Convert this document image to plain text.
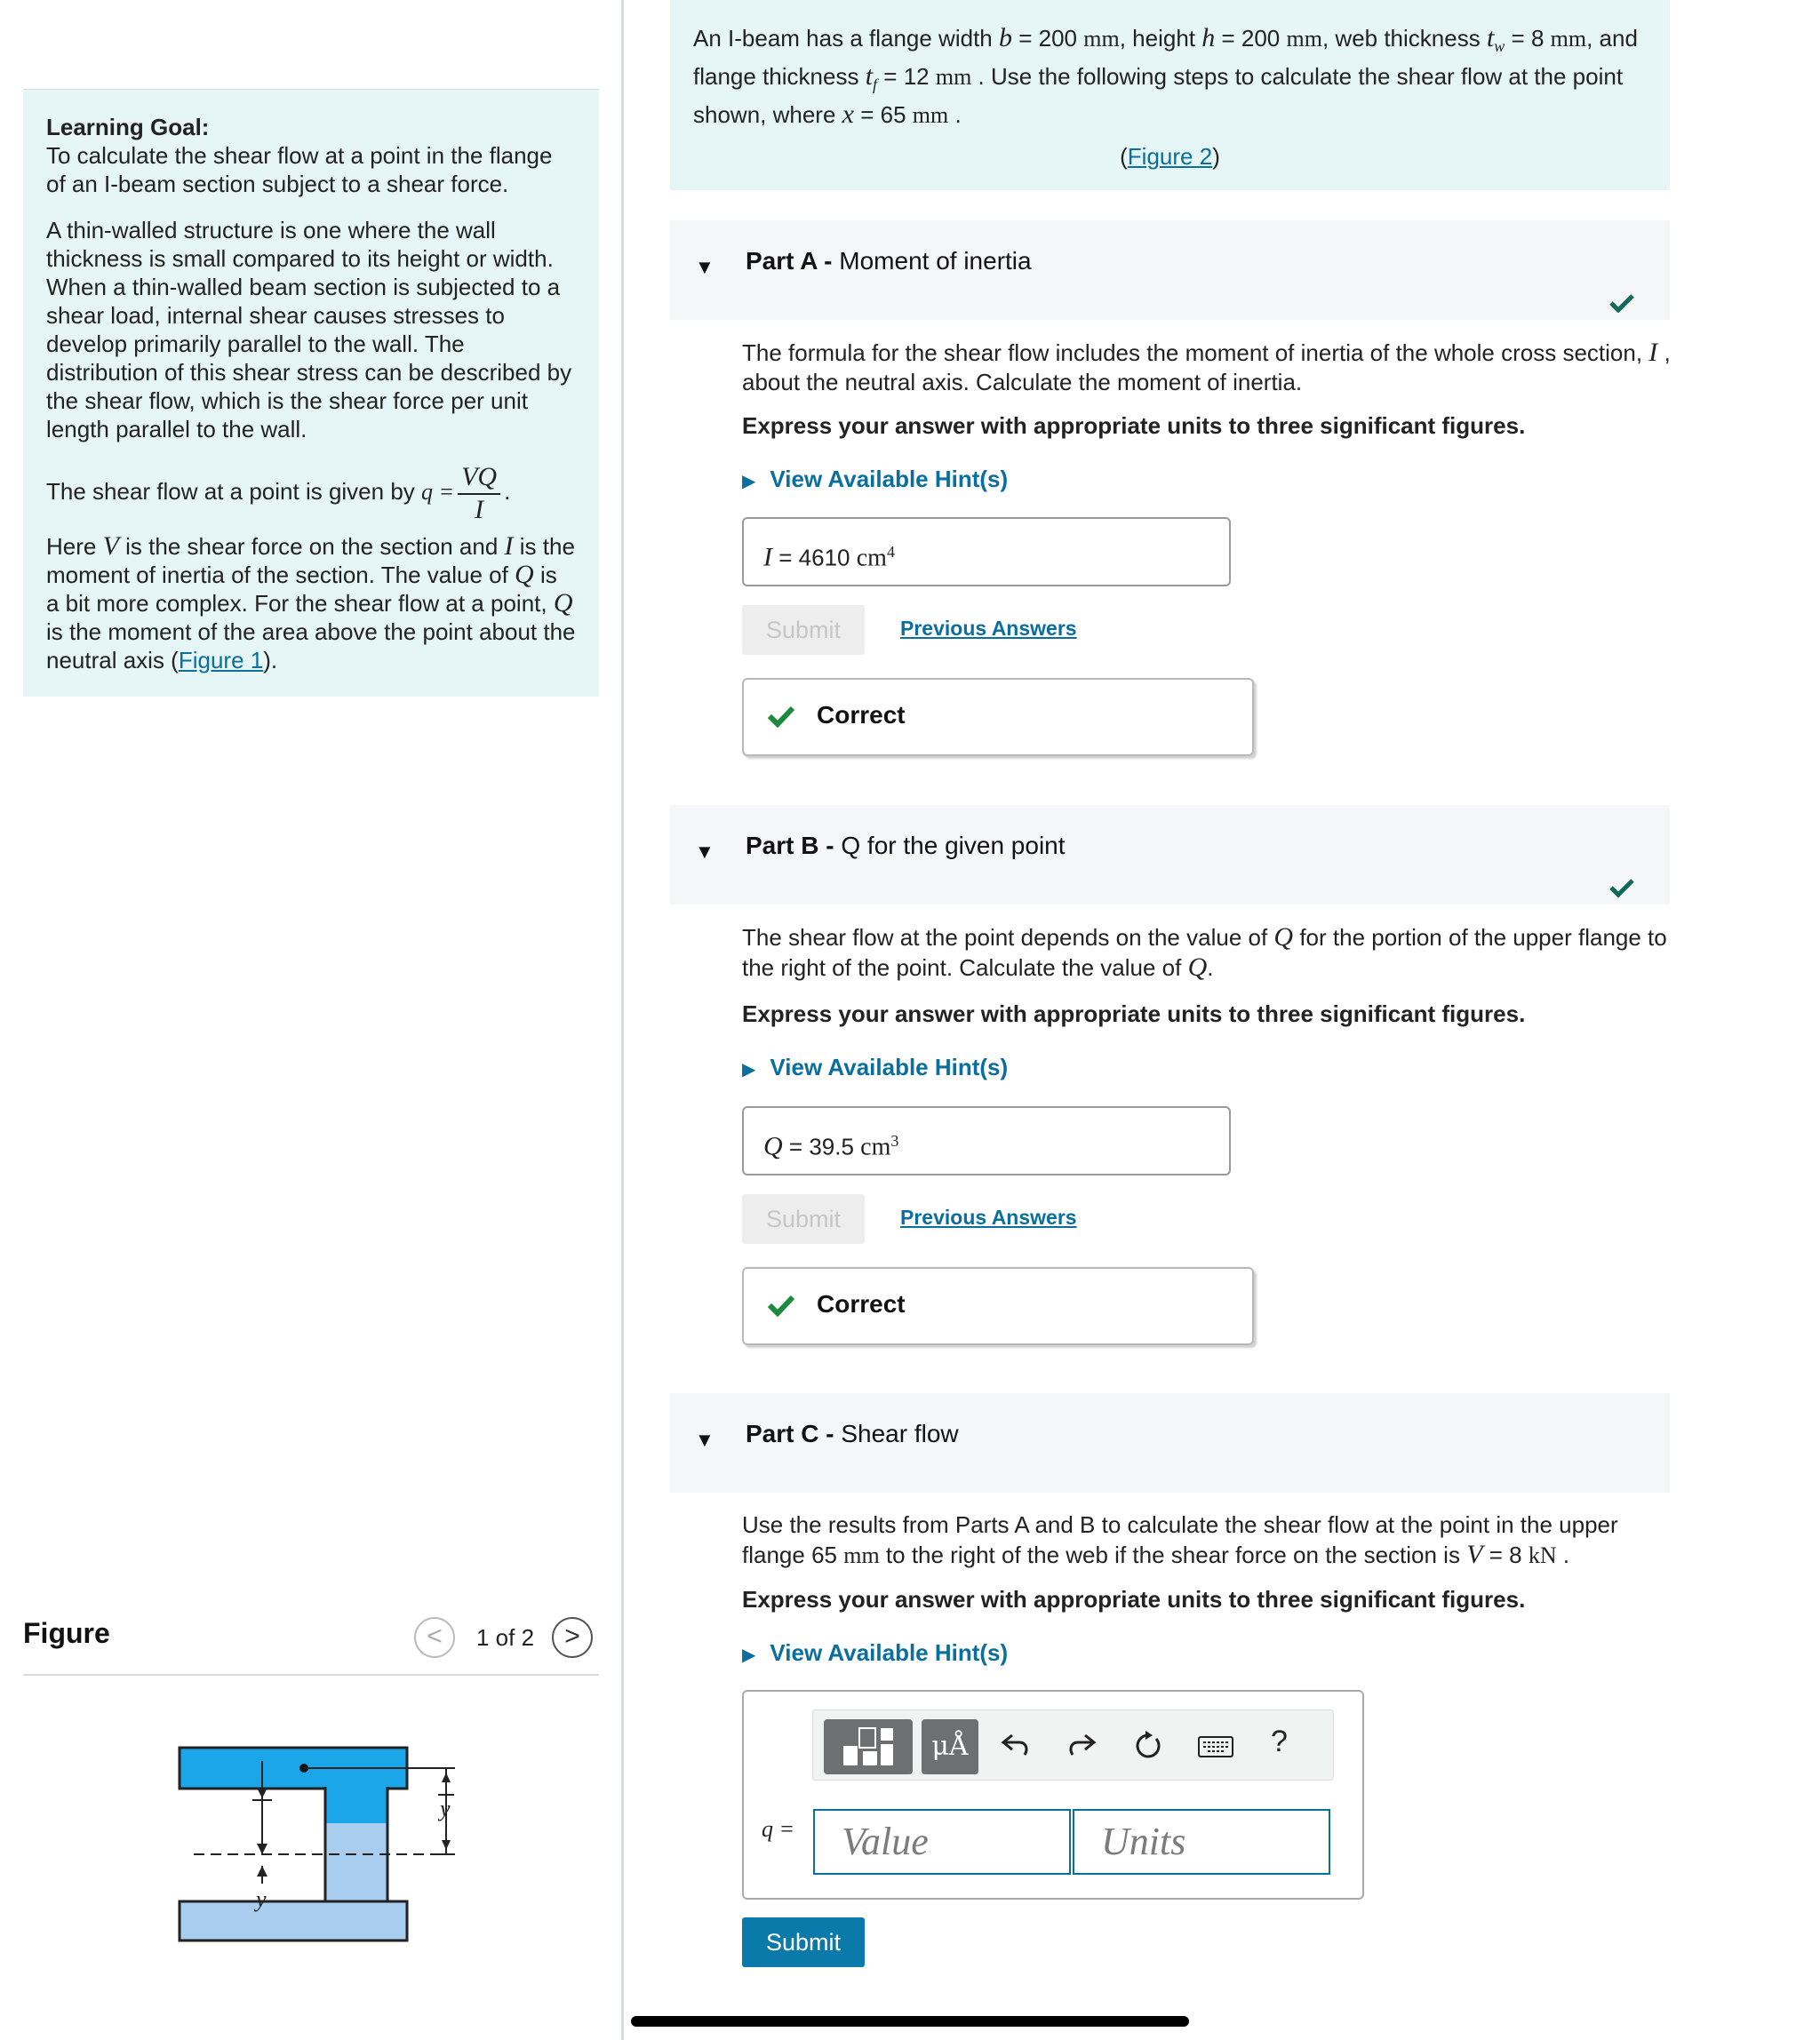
Learning Goal:
To calculate the shear flow at a point in the flange of an I-beam section subject to a shear force.

A thin-walled structure is one where the wall thickness is small compared to its height or width. When a thin-walled beam section is subjected to a shear load, internal shear causes stresses to develop primarily parallel to the wall. The distribution of this shear stress can be described by the shear flow, which is the shear force per unit length parallel to the wall.

The shear flow at a point is given by $q = \frac{VQ}{I}$ .

Here V is the shear force on the section and I is the moment of inertia of the section. The value of Q is a bit more complex. For the shear flow at a point, Q is the moment of the area above the point about the neutral axis (Figure 1).

Figure	<	1 of 2	>
y
y
An I-beam has a flange width b = 200 mm, height h = 200 mm, web thickness $t_w = 8$ mm, and flange thickness $t_f = 12$ mm . Use the following steps to calculate the shear flow at the point shown, where x = 65 mm .
(Figure 2)
▼ Part A - Moment of inertia
The formula for the shear flow includes the moment of inertia of the whole cross section, I , about the neutral axis. Calculate the moment of inertia.
Express your answer with appropriate units to three significant figures.
▶ View Available Hint(s)
I = 4610 $cm^4$
Submit	Previous Answers
Correct
▼ Part B - Q for the given point
The shear flow at the point depends on the value of Q for the portion of the upper flange to the right of the point. Calculate the value of Q.
Express your answer with appropriate units to three significant figures.
▶ View Available Hint(s)
Q = 39.5 $cm^3$
Submit	Previous Answers
Correct
▼ Part C - Shear flow
Use the results from Parts A and B to calculate the shear flow at the point in the upper flange 65 mm to the right of the web if the shear force on the section is V = 8 kN .
Express your answer with appropriate units to three significant figures.
▶ View Available Hint(s)
μÅ	?
q =	Value	Units
Submit
